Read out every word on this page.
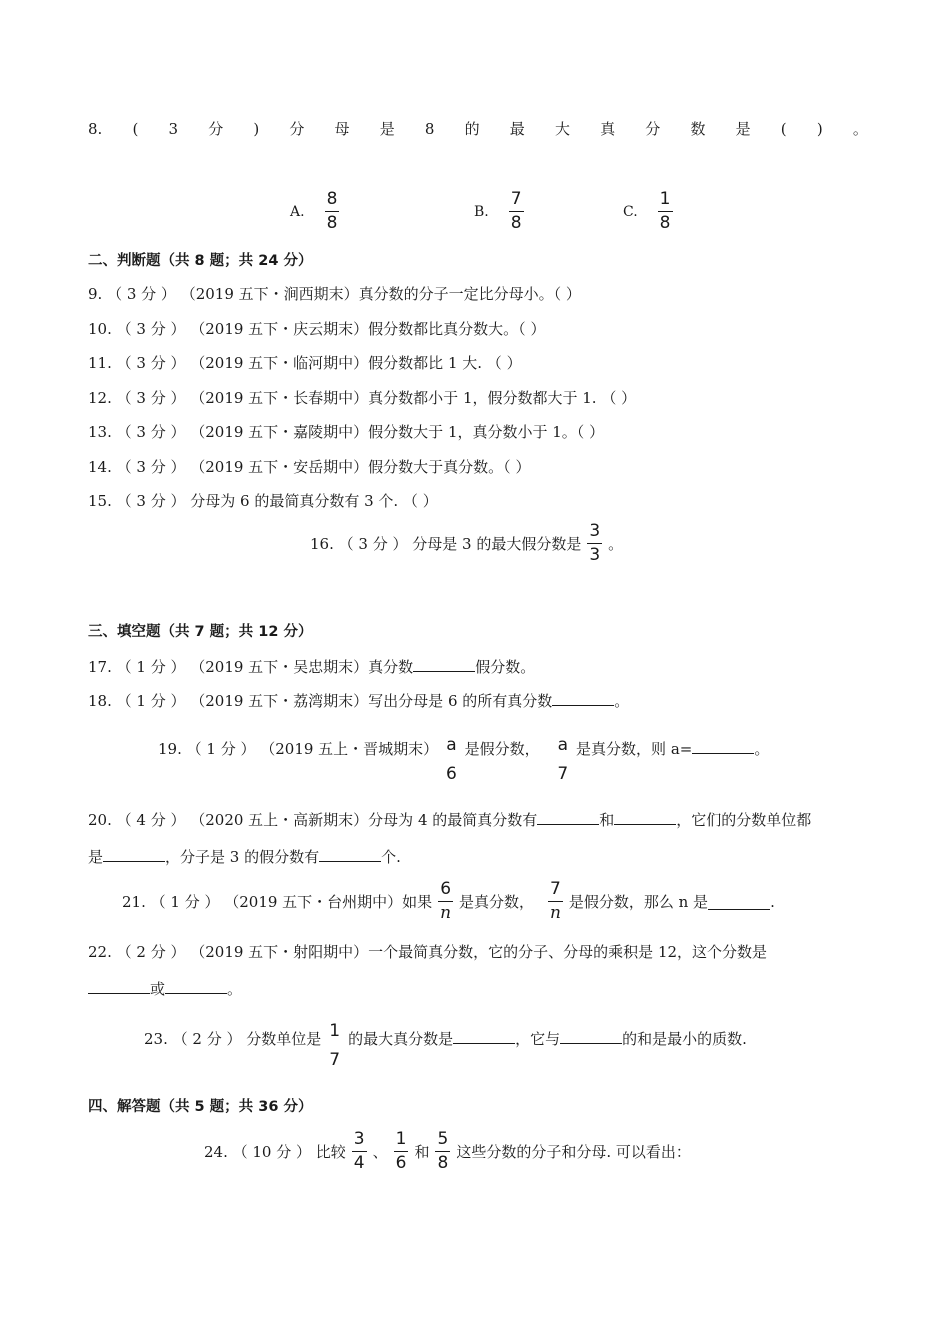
8. ( 3 分 ) 分 母 是 8 的 最 大 真 分 数 是 ( ) 。
A. $\frac{8}{8}$	B. $\frac{7}{8}$	C. $\frac{1}{8}$
二、判断题（共 8 题；共 24 分）
9. （ 3 分 ） （2019 五下・涧西期末）真分数的分子一定比分母小。（ ）
10. （ 3 分 ） （2019 五下・庆云期末）假分数都比真分数大。（ ）
11. （ 3 分 ） （2019 五下・临河期中）假分数都比 1 大. （ ）
12. （ 3 分 ） （2019 五下・长春期中）真分数都小于 1，假分数都大于 1. （ ）
13. （ 3 分 ） （2019 五下・嘉陵期中）假分数大于 1，真分数小于 1。（ ）
14. （ 3 分 ） （2019 五下・安岳期中）假分数大于真分数。（ ）
15. （ 3 分 ） 分母为 6 的最简真分数有 3 个. （ ）
16. （ 3 分 ） 分母是 3 的最大假分数是 $\frac{3}{3}$ 。
三、填空题（共 7 题；共 12 分）
17. （ 1 分 ） （2019 五下・吴忠期末）真分数	假分数。
18. （ 1 分 ） （2019 五下・荔湾期末）写出分母是 6 的所有真分数	。
19. （ 1 分 ） （2019 五上・晋城期末） a
6
是假分数， a
7
是真分数，则 a=	。
20. （ 4 分 ） （2020 五上・高新期末）分母为 4 的最简真分数有	和	，它们的分数单位都
是	，分子是 3 的假分数有	个.
21. （ 1 分 ） （2019 五下・台州期中）如果 $\frac{6}{n}$ 是真分数， $\frac{7}{n}$ 是假分数，那么 n 是	.
22. （ 2 分 ） （2019 五下・射阳期中）一个最简真分数，它的分子、分母的乘积是 12，这个分数是
或	。
23. （ 2 分 ） 分数单位是 1
7
的最大真分数是	，它与	的和是最小的质数.
四、解答题（共 5 题；共 36 分）
24. （ 10 分 ） 比较 $\frac{3}{4}$ 、 $\frac{1}{6}$ 和 $\frac{5}{8}$ 这些分数的分子和分母. 可以看出：
